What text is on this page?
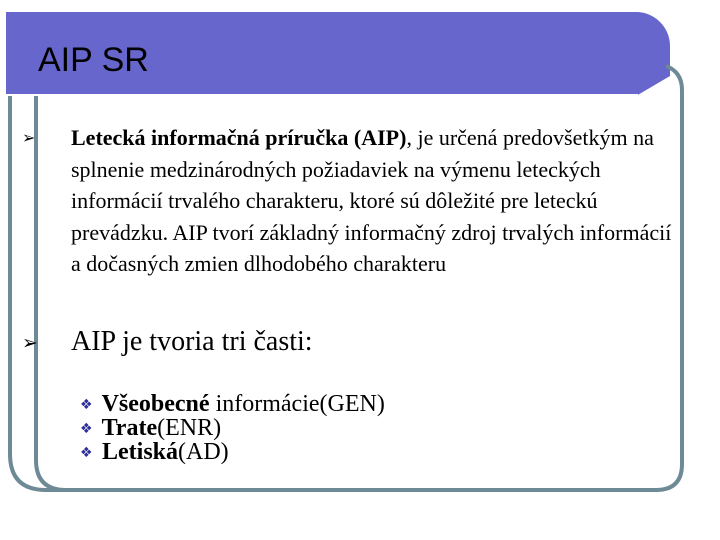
AIP SR
➢ Letecká informačná príručka (AIP), je určená predovšetkým na splnenie medzinárodných požiadaviek na výmenu leteckých informácií trvalého charakteru, ktoré sú dôležité pre leteckú prevádzku. AIP tvorí základný informačný zdroj trvalých informácií a dočasných zmien dlhodobého charakteru
➢ AIP je tvoria tri časti:
❖ Všeobecné informácie(GEN)
❖ Trate(ENR)
❖ Letiská(AD)
